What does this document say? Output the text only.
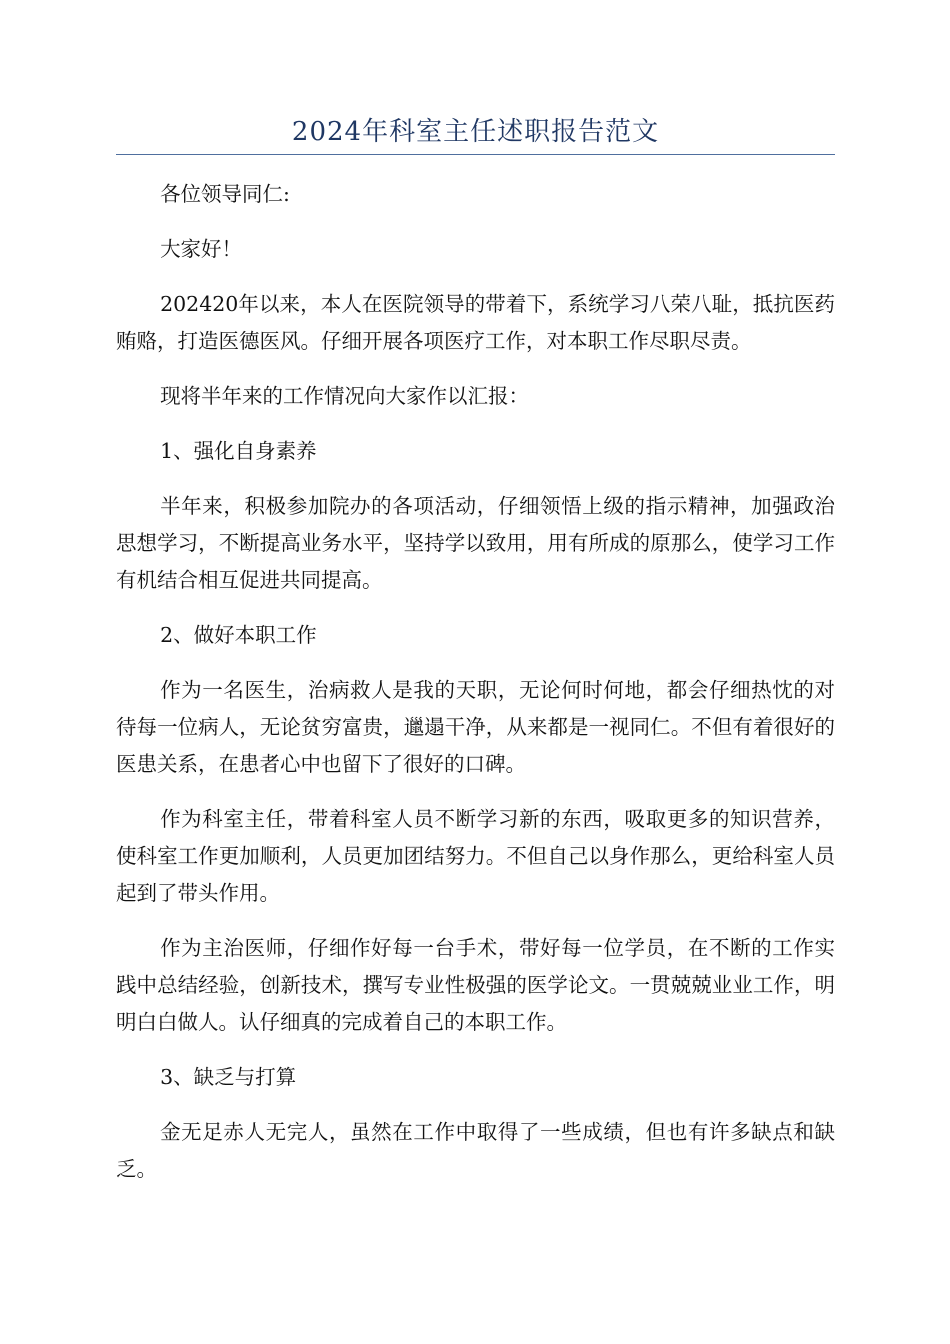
2024年科室主任述职报告范文

各位领导同仁:

大家好！

202420年以来，本人在医院领导的带着下，系统学习八荣八耻，抵抗医药贿赂，打造医德医风。仔细开展各项医疗工作，对本职工作尽职尽责。

现将半年来的工作情况向大家作以汇报：

1、强化自身素养

半年来，积极参加院办的各项活动，仔细领悟上级的指示精神，加强政治思想学习，不断提高业务水平，坚持学以致用，用有所成的原那么，使学习工作有机结合相互促进共同提高。

2、做好本职工作

作为一名医生，治病救人是我的天职，无论何时何地，都会仔细热忱的对待每一位病人，无论贫穷富贵，邋遢干净，从来都是一视同仁。不但有着很好的医患关系，在患者心中也留下了很好的口碑。

作为科室主任，带着科室人员不断学习新的东西，吸取更多的知识营养，使科室工作更加顺利，人员更加团结努力。不但自己以身作那么，更给科室人员起到了带头作用。

作为主治医师，仔细作好每一台手术，带好每一位学员，在不断的工作实践中总结经验，创新技术，撰写专业性极强的医学论文。一贯兢兢业业工作，明明白白做人。认仔细真的完成着自己的本职工作。

3、缺乏与打算

金无足赤人无完人，虽然在工作中取得了一些成绩，但也有许多缺点和缺乏。
